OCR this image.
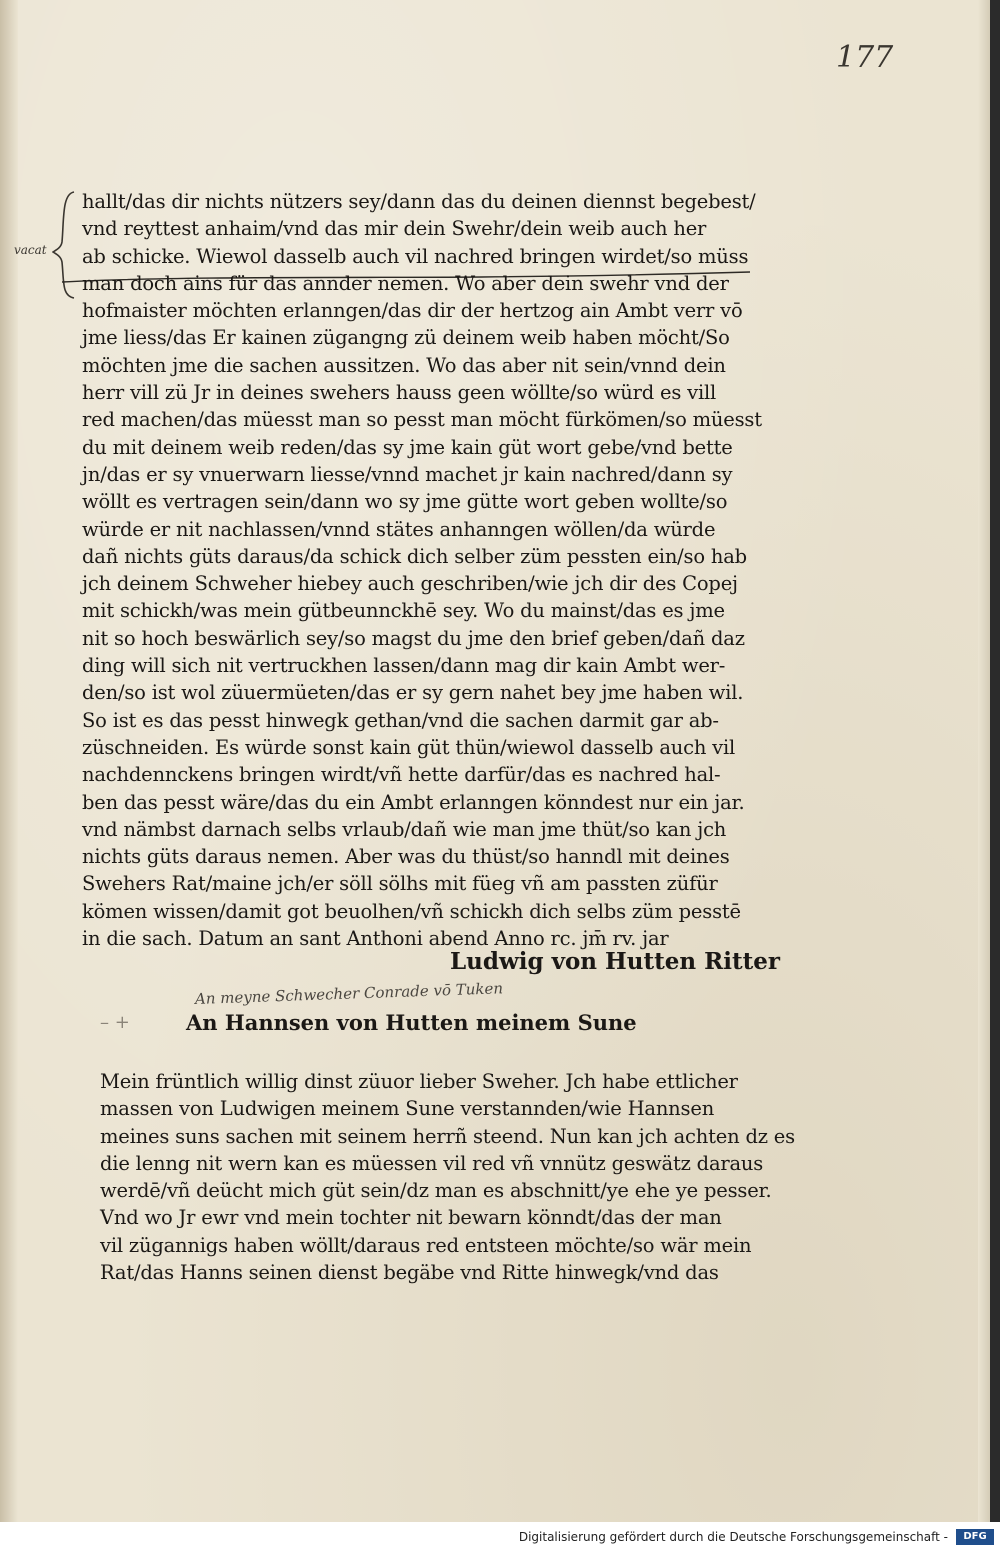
177
vacat
hallt/das dir nichts nützers sey/dann das du deinen diennst begebest/
vnd reyttest anhaim/vnd das mir dein Swehr/dein weib auch her
ab schicke. Wiewol dasselb auch vil nachred bringen wirdet/so müss
man doch ains für das annder nemen. Wo aber dein swehr vnd der
hofmaister möchten erlanngen/das dir der hertzog ain Ambt verr vō
jme liess/das Er kainen zügangng zü deinem weib haben möcht/So
möchten jme die sachen aussitzen. Wo das aber nit sein/vnnd dein
herr vill zü Jr in deines swehers hauss geen wöllte/so würd es vill
red machen/das müesst man so pesst man möcht fürkömen/so müesst
du mit deinem weib reden/das sy jme kain güt wort gebe/vnd bette
jn/das er sy vnuerwarn liesse/vnnd machet jr kain nachred/dann sy
wöllt es vertragen sein/dann wo sy jme gütte wort geben wollte/so
würde er nit nachlassen/vnnd stätes anhanngen wöllen/da würde
dañ nichts güts daraus/da schick dich selber züm pessten ein/so hab
jch deinem Schweher hiebey auch geschriben/wie jch dir des Copej
mit schickh/was mein gütbeunnckhē sey. Wo du mainst/das es jme
nit so hoch beswärlich sey/so magst du jme den brief geben/dañ daz
ding will sich nit vertruckhen lassen/dann mag dir kain Ambt wer-
den/so ist wol züuermüeten/das er sy gern nahet bey jme haben wil.
So ist es das pesst hinwegk gethan/vnd die sachen darmit gar ab-
züschneiden. Es würde sonst kain güt thün/wiewol dasselb auch vil
nachdennckens bringen wirdt/vñ hette darfür/das es nachred hal-
ben das pesst wäre/das du ein Ambt erlanngen könndest nur ein jar.
vnd nämbst darnach selbs vrlaub/dañ wie man jme thüt/so kan jch
nichts güts daraus nemen. Aber was du thüst/so hanndl mit deines
Swehers Rat/maine jch/er söll sölhs mit füeg vñ am passten züfür
kömen wissen/damit got beuolhen/vñ schickh dich selbs züm pesstē
in die sach. Datum an sant Anthoni abend Anno rc. jm̄ rv. jar
Ludwig von Hutten Ritter
An meyne Schwecher Conrade vō Tuken
– +	An Hannsen von Hutten meinem Sune
Mein früntlich willig dinst züuor lieber Sweher. Jch habe ettlicher
massen von Ludwigen meinem Sune verstannden/wie Hannsen
meines suns sachen mit seinem herrñ steend. Nun kan jch achten dz es
die lenng nit wern kan es müessen vil red vñ vnnütz geswätz daraus
werdē/vñ deücht mich güt sein/dz man es abschnitt/ye ehe ye pesser.
Vnd wo Jr ewr vnd mein tochter nit bewarn könndt/das der man
vil zügannigs haben wöllt/daraus red entsteen möchte/so wär mein
Rat/das Hanns seinen dienst begäbe vnd Ritte hinwegk/vnd das
Digitalisierung gefördert durch die Deutsche Forschungsgemeinschaft -	DFG
